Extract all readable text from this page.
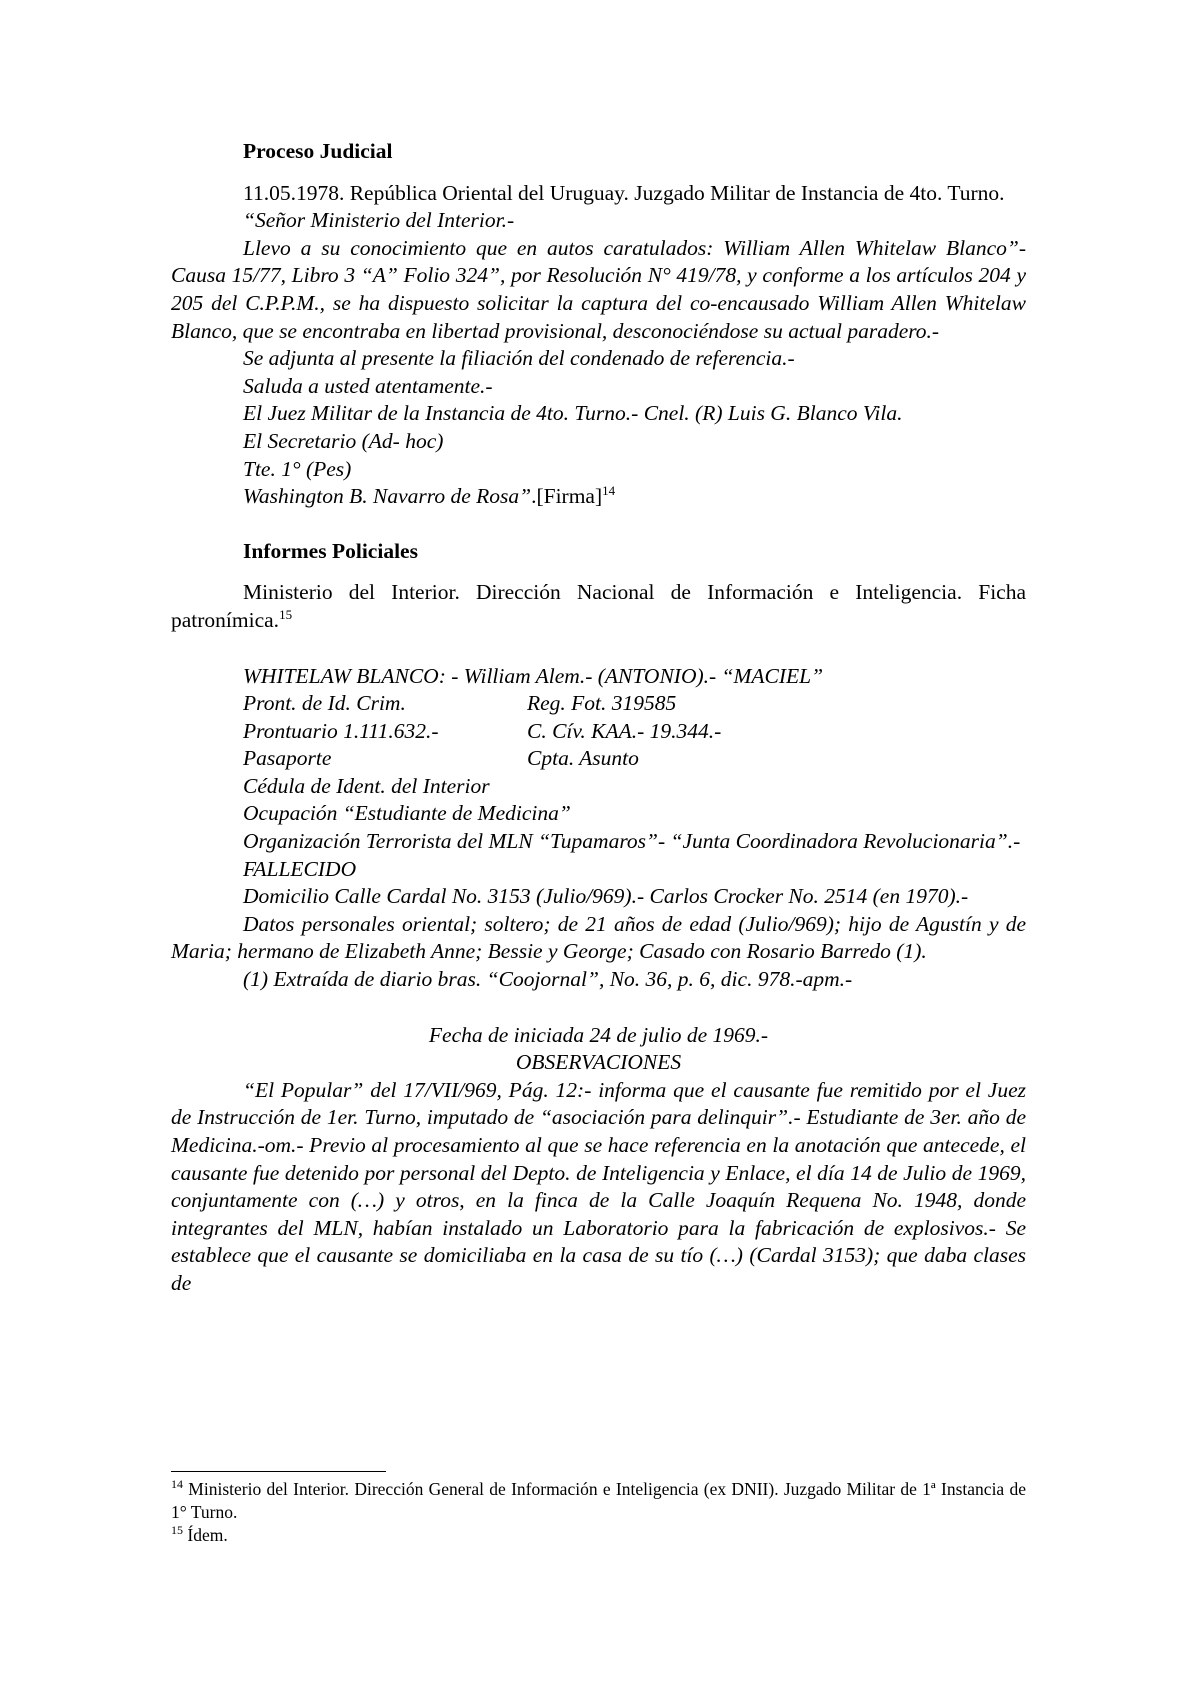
Proceso Judicial

11.05.1978. República Oriental del Uruguay. Juzgado Militar de Instancia de 4to. Turno.

“Señor Ministerio del Interior.-

Llevo a su conocimiento que en autos caratulados: William Allen Whitelaw Blanco”- Causa 15/77, Libro 3 “A” Folio 324”, por Resolución N° 419/78, y conforme a los artículos 204 y 205 del C.P.P.M., se ha dispuesto solicitar la captura del co-encausado William Allen Whitelaw Blanco, que se encontraba en libertad provisional, desconociéndose su actual paradero.-

Se adjunta al presente la filiación del condenado de referencia.-

Saluda a usted atentamente.-

El Juez Militar de la Instancia de 4to. Turno.- Cnel. (R) Luis G. Blanco Vila.

El Secretario (Ad- hoc)

Tte. 1° (Pes)

Washington B. Navarro de Rosa”.[Firma]$^{14}$

Informes Policiales

Ministerio del Interior. Dirección Nacional de Información e Inteligencia. Ficha patronímica.$^{15}$

WHITELAW BLANCO: - William Alem.- (ANTONIO).- “MACIEL”

Pront. de Id. Crim.	Reg. Fot. 319585
Prontuario 1.111.632.-	C. Cív. KAA.- 19.344.-
Pasaporte	Cpta. Asunto

Cédula de Ident. del Interior

Ocupación “Estudiante de Medicina”

Organización Terrorista del MLN “Tupamaros”- “Junta Coordinadora Revolucionaria”.-

FALLECIDO

Domicilio Calle Cardal No. 3153 (Julio/969).- Carlos Crocker No. 2514 (en 1970).-

Datos personales oriental; soltero; de 21 años de edad (Julio/969); hijo de Agustín y de Maria; hermano de Elizabeth Anne; Bessie y George; Casado con Rosario Barredo (1).

(1) Extraída de diario bras. “Coojornal”, No. 36, p. 6, dic. 978.-apm.-

Fecha de iniciada 24 de julio de 1969.-

OBSERVACIONES

“El Popular” del 17/VII/969, Pág. 12:- informa que el causante fue remitido por el Juez de Instrucción de 1er. Turno, imputado de “asociación para delinquir”.- Estudiante de 3er. año de Medicina.-om.- Previo al procesamiento al que se hace referencia en la anotación que antecede, el causante fue detenido por personal del Depto. de Inteligencia y Enlace, el día 14 de Julio de 1969, conjuntamente con (…) y otros, en la finca de la Calle Joaquín Requena No. 1948, donde integrantes del MLN, habían instalado un Laboratorio para la fabricación de explosivos.- Se establece que el causante se domiciliaba en la casa de su tío (…) (Cardal 3153); que daba clases de

$^{14}$ Ministerio del Interior. Dirección General de Información e Inteligencia (ex DNII). Juzgado Militar de 1ª Instancia de 1° Turno.

$^{15}$ Ídem.
